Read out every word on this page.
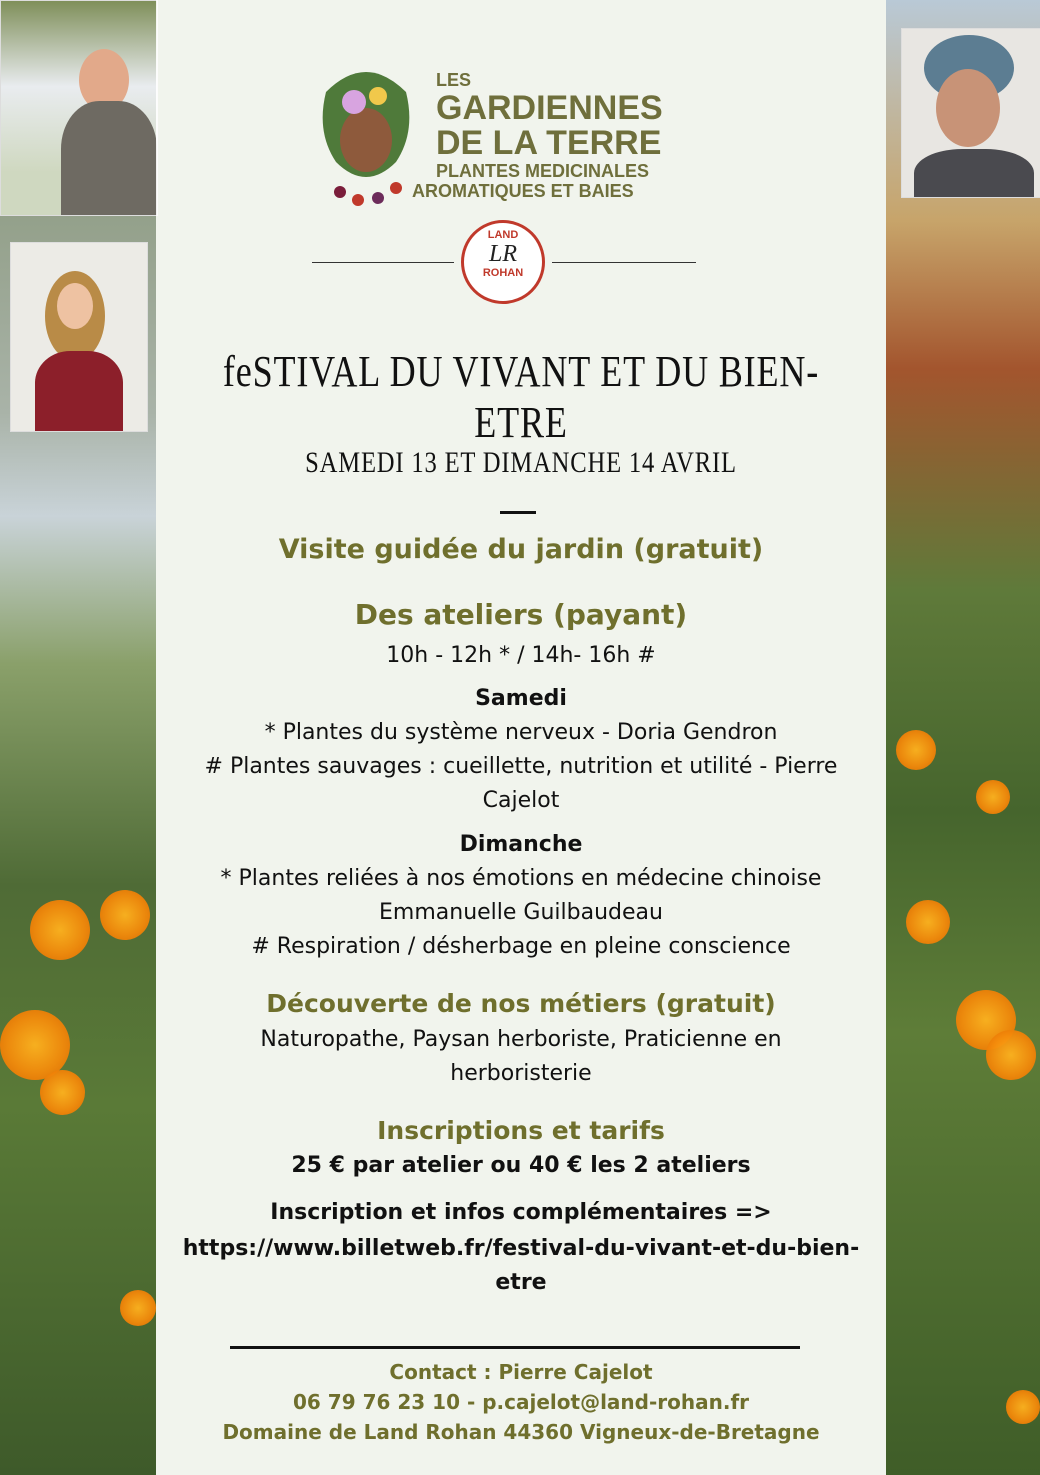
LES
GARDIENNES
DE LA TERRE
PLANTES MEDICINALES
AROMATIQUES ET BAIES
LAND
LR
ROHAN
feSTIVAL DU VIVANT ET DU BIEN-ETRE
SAMEDI 13 ET DIMANCHE 14 AVRIL
Visite guidée du jardin (gratuit)
Des ateliers (payant)
10h - 12h * / 14h- 16h #
Samedi
* Plantes du système nerveux - Doria Gendron
# Plantes sauvages : cueillette, nutrition et utilité - Pierre
Cajelot
Dimanche
* Plantes reliées à nos émotions en médecine chinoise
Emmanuelle Guilbaudeau
# Respiration / désherbage en pleine conscience
Découverte de nos métiers (gratuit)
Naturopathe, Paysan herboriste, Praticienne en
herboristerie
Inscriptions et tarifs
25 € par atelier ou 40 € les 2 ateliers
Inscription et infos complémentaires =>
https://www.billetweb.fr/festival-du-vivant-et-du-bien-
etre
Contact : Pierre Cajelot
06 79 76 23 10 - p.cajelot@land-rohan.fr
Domaine de Land Rohan 44360 Vigneux-de-Bretagne
